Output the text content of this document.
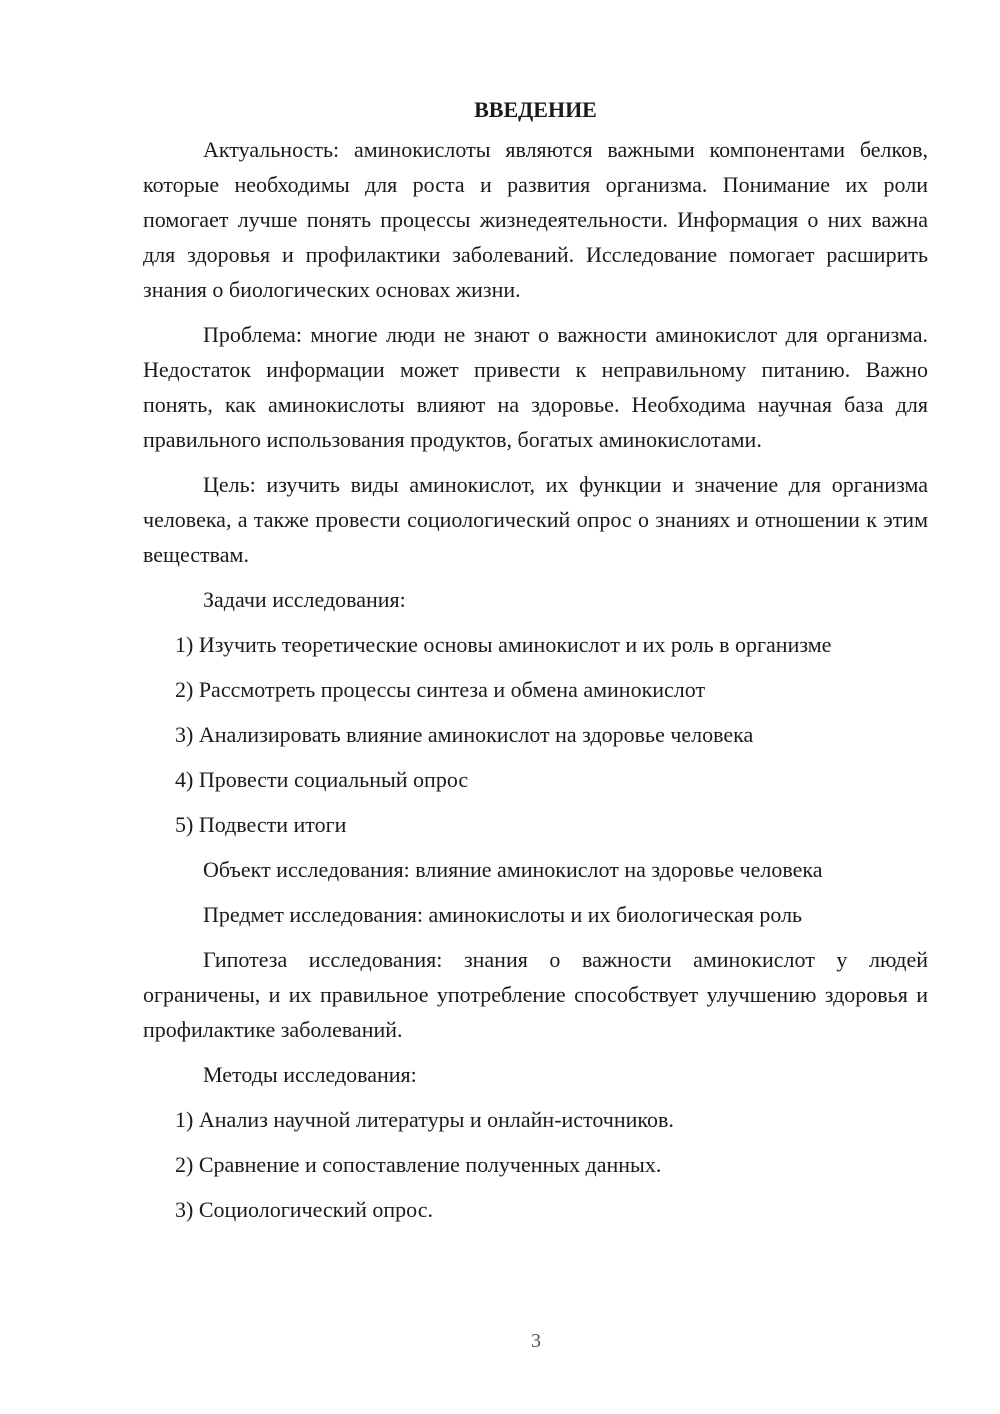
ВВЕДЕНИЕ

Актуальность: аминокислоты являются важными компонентами белков, которые необходимы для роста и развития организма. Понимание их роли помогает лучше понять процессы жизнедеятельности. Информация о них важна для здоровья и профилактики заболеваний. Исследование помогает расширить знания о биологических основах жизни.

Проблема: многие люди не знают о важности аминокислот для организма. Недостаток информации может привести к неправильному питанию. Важно понять, как аминокислоты влияют на здоровье. Необходима научная база для правильного использования продуктов, богатых аминокислотами.

Цель: изучить виды аминокислот, их функции и значение для организма человека, а также провести социологический опрос о знаниях и отношении к этим веществам.

Задачи исследования:
1) Изучить теоретические основы аминокислот и их роль в организме
2) Рассмотреть процессы синтеза и обмена аминокислот
3) Анализировать влияние аминокислот на здоровье человека
4) Провести социальный опрос
5) Подвести итоги
Объект исследования: влияние аминокислот на здоровье человека
Предмет исследования: аминокислоты и их биологическая роль

Гипотеза исследования: знания о важности аминокислот у людей ограничены, и их правильное употребление способствует улучшению здоровья и профилактике заболеваний.

Методы исследования:
1) Анализ научной литературы и онлайн-источников.
2) Сравнение и сопоставление полученных данных.
3) Социологический опрос.
3
